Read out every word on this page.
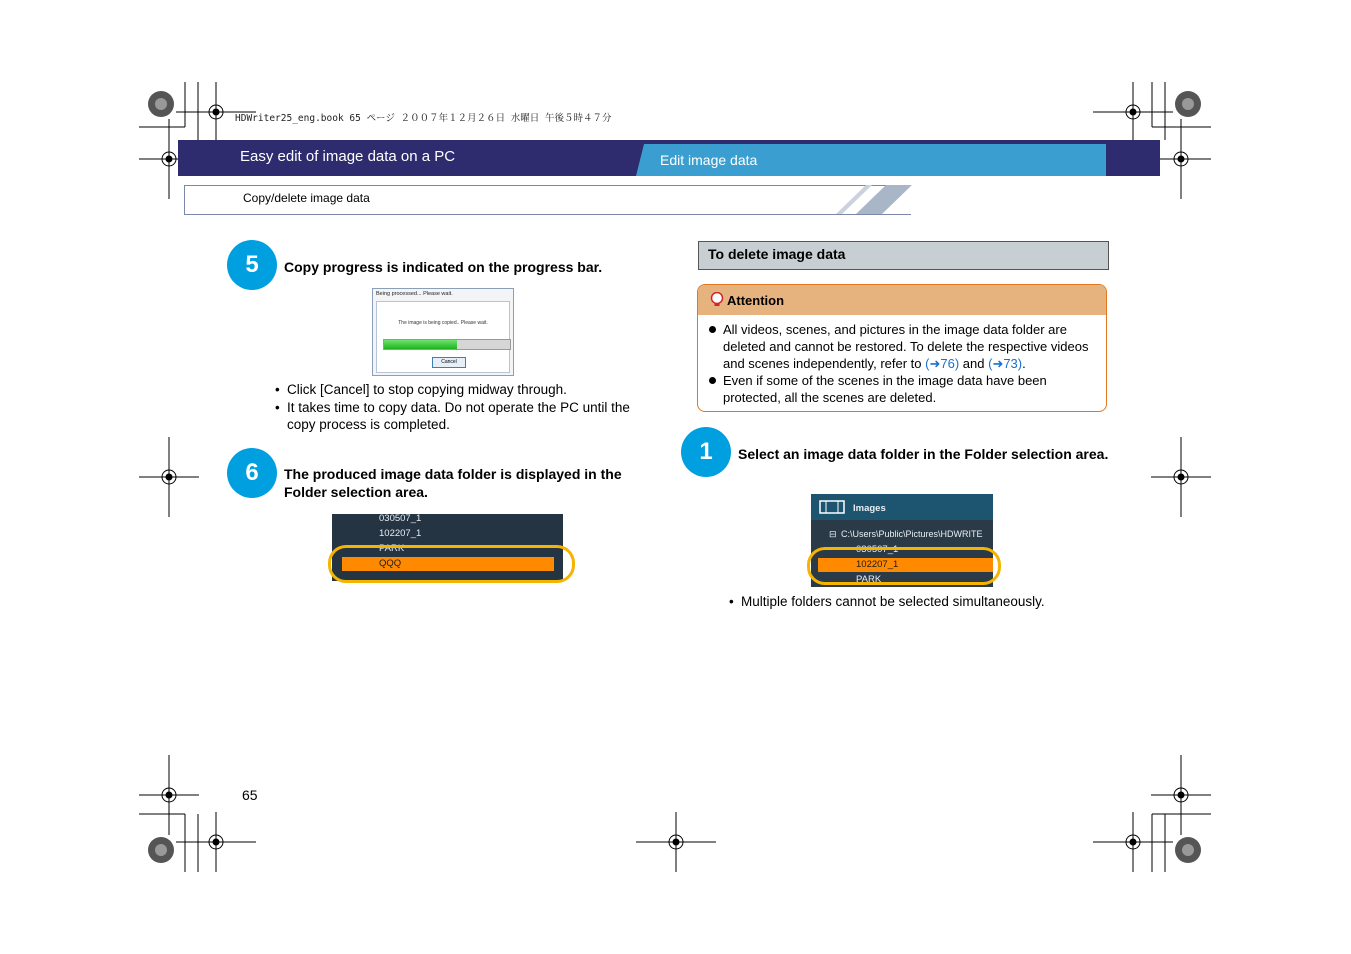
HDWriter25_eng.book 65 ページ ２００７年１２月２６日 水曜日 午後５時４７分
Easy edit of image data on a PC	Edit image data
Copy/delete image data
5	Copy progress is indicated on the progress bar.
Being processed... Please wait.
The image is being copied.. Please wait.
Cancel
• Click [Cancel] to stop copying midway through.
• It takes time to copy data. Do not operate the PC until the copy process is completed.
6	The produced image data folder is displayed in the Folder selection area.
030507_1
102207_1
PARK
QQQ
To delete image data
Attention
All videos, scenes, and pictures in the image data folder are deleted and cannot be restored. To delete the respective videos and scenes independently, refer to (➜76) and (➜73).
Even if some of the scenes in the image data have been protected, all the scenes are deleted.
1	Select an image data folder in the Folder selection area.
Images
⊟ C:\Users\Public\Pictures\HDWRITE
030507_1
102207_1
PARK
• Multiple folders cannot be selected simultaneously.
65
